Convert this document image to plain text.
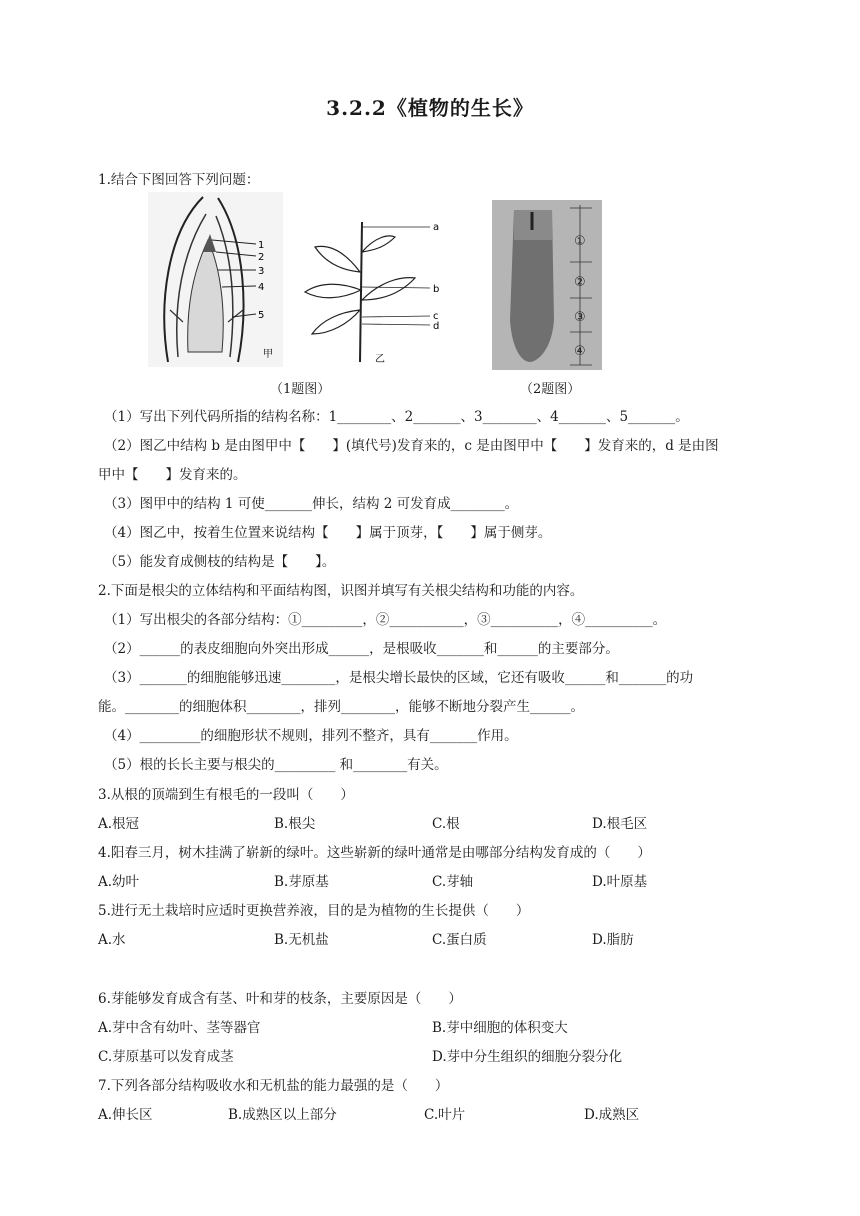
3.2.2《植物的生长》
1.结合下图回答下列问题：
1
2
3
4
5
甲
a
b
c
d
乙
①
②
③
④
（1题图）	（2题图）
（1）写出下列代码所指的结构名称：1________、2_______、3________、4_______、5_______。
（2）图乙中结构 b 是由图甲中【　　】(填代号)发育来的，c 是由图甲中【　　】发育来的，d 是由图
甲中【　　】发育来的。
（3）图甲中的结构 1 可使_______伸长，结构 2 可发育成________。
（4）图乙中，按着生位置来说结构【　　】属于顶芽，【　　】属于侧芽。
（5）能发育成侧枝的结构是【　　】。
2.下面是根尖的立体结构和平面结构图，识图并填写有关根尖结构和功能的内容。
（1）写出根尖的各部分结构：①_________，②___________，③__________，④__________。
（2）______的表皮细胞向外突出形成______，是根吸收_______和______的主要部分。
（3）_______的细胞能够迅速________，是根尖增长最快的区域，它还有吸收______和_______的功
能。________的细胞体积________，排列________，能够不断地分裂产生______。
（4）_________的细胞形状不规则，排列不整齐，具有_______作用。
（5）根的长长主要与根尖的_________ 和________有关。
3.从根的顶端到生有根毛的一段叫（　　）
A.根冠	B.根尖	C.根	D.根毛区
4.阳春三月，树木挂满了崭新的绿叶。这些崭新的绿叶通常是由哪部分结构发育成的（　　）
A.幼叶	B.芽原基	C.芽轴	D.叶原基
5.进行无土栽培时应适时更换营养液，目的是为植物的生长提供（　　）
A.水	B.无机盐	C.蛋白质	D.脂肪
6.芽能够发育成含有茎、叶和芽的枝条，主要原因是（　　）
A.芽中含有幼叶、茎等器官	B.芽中细胞的体积变大
C.芽原基可以发育成茎	D.芽中分生组织的细胞分裂分化
7.下列各部分结构吸收水和无机盐的能力最强的是（　　）
A.伸长区	B.成熟区以上部分	C.叶片	D.成熟区
